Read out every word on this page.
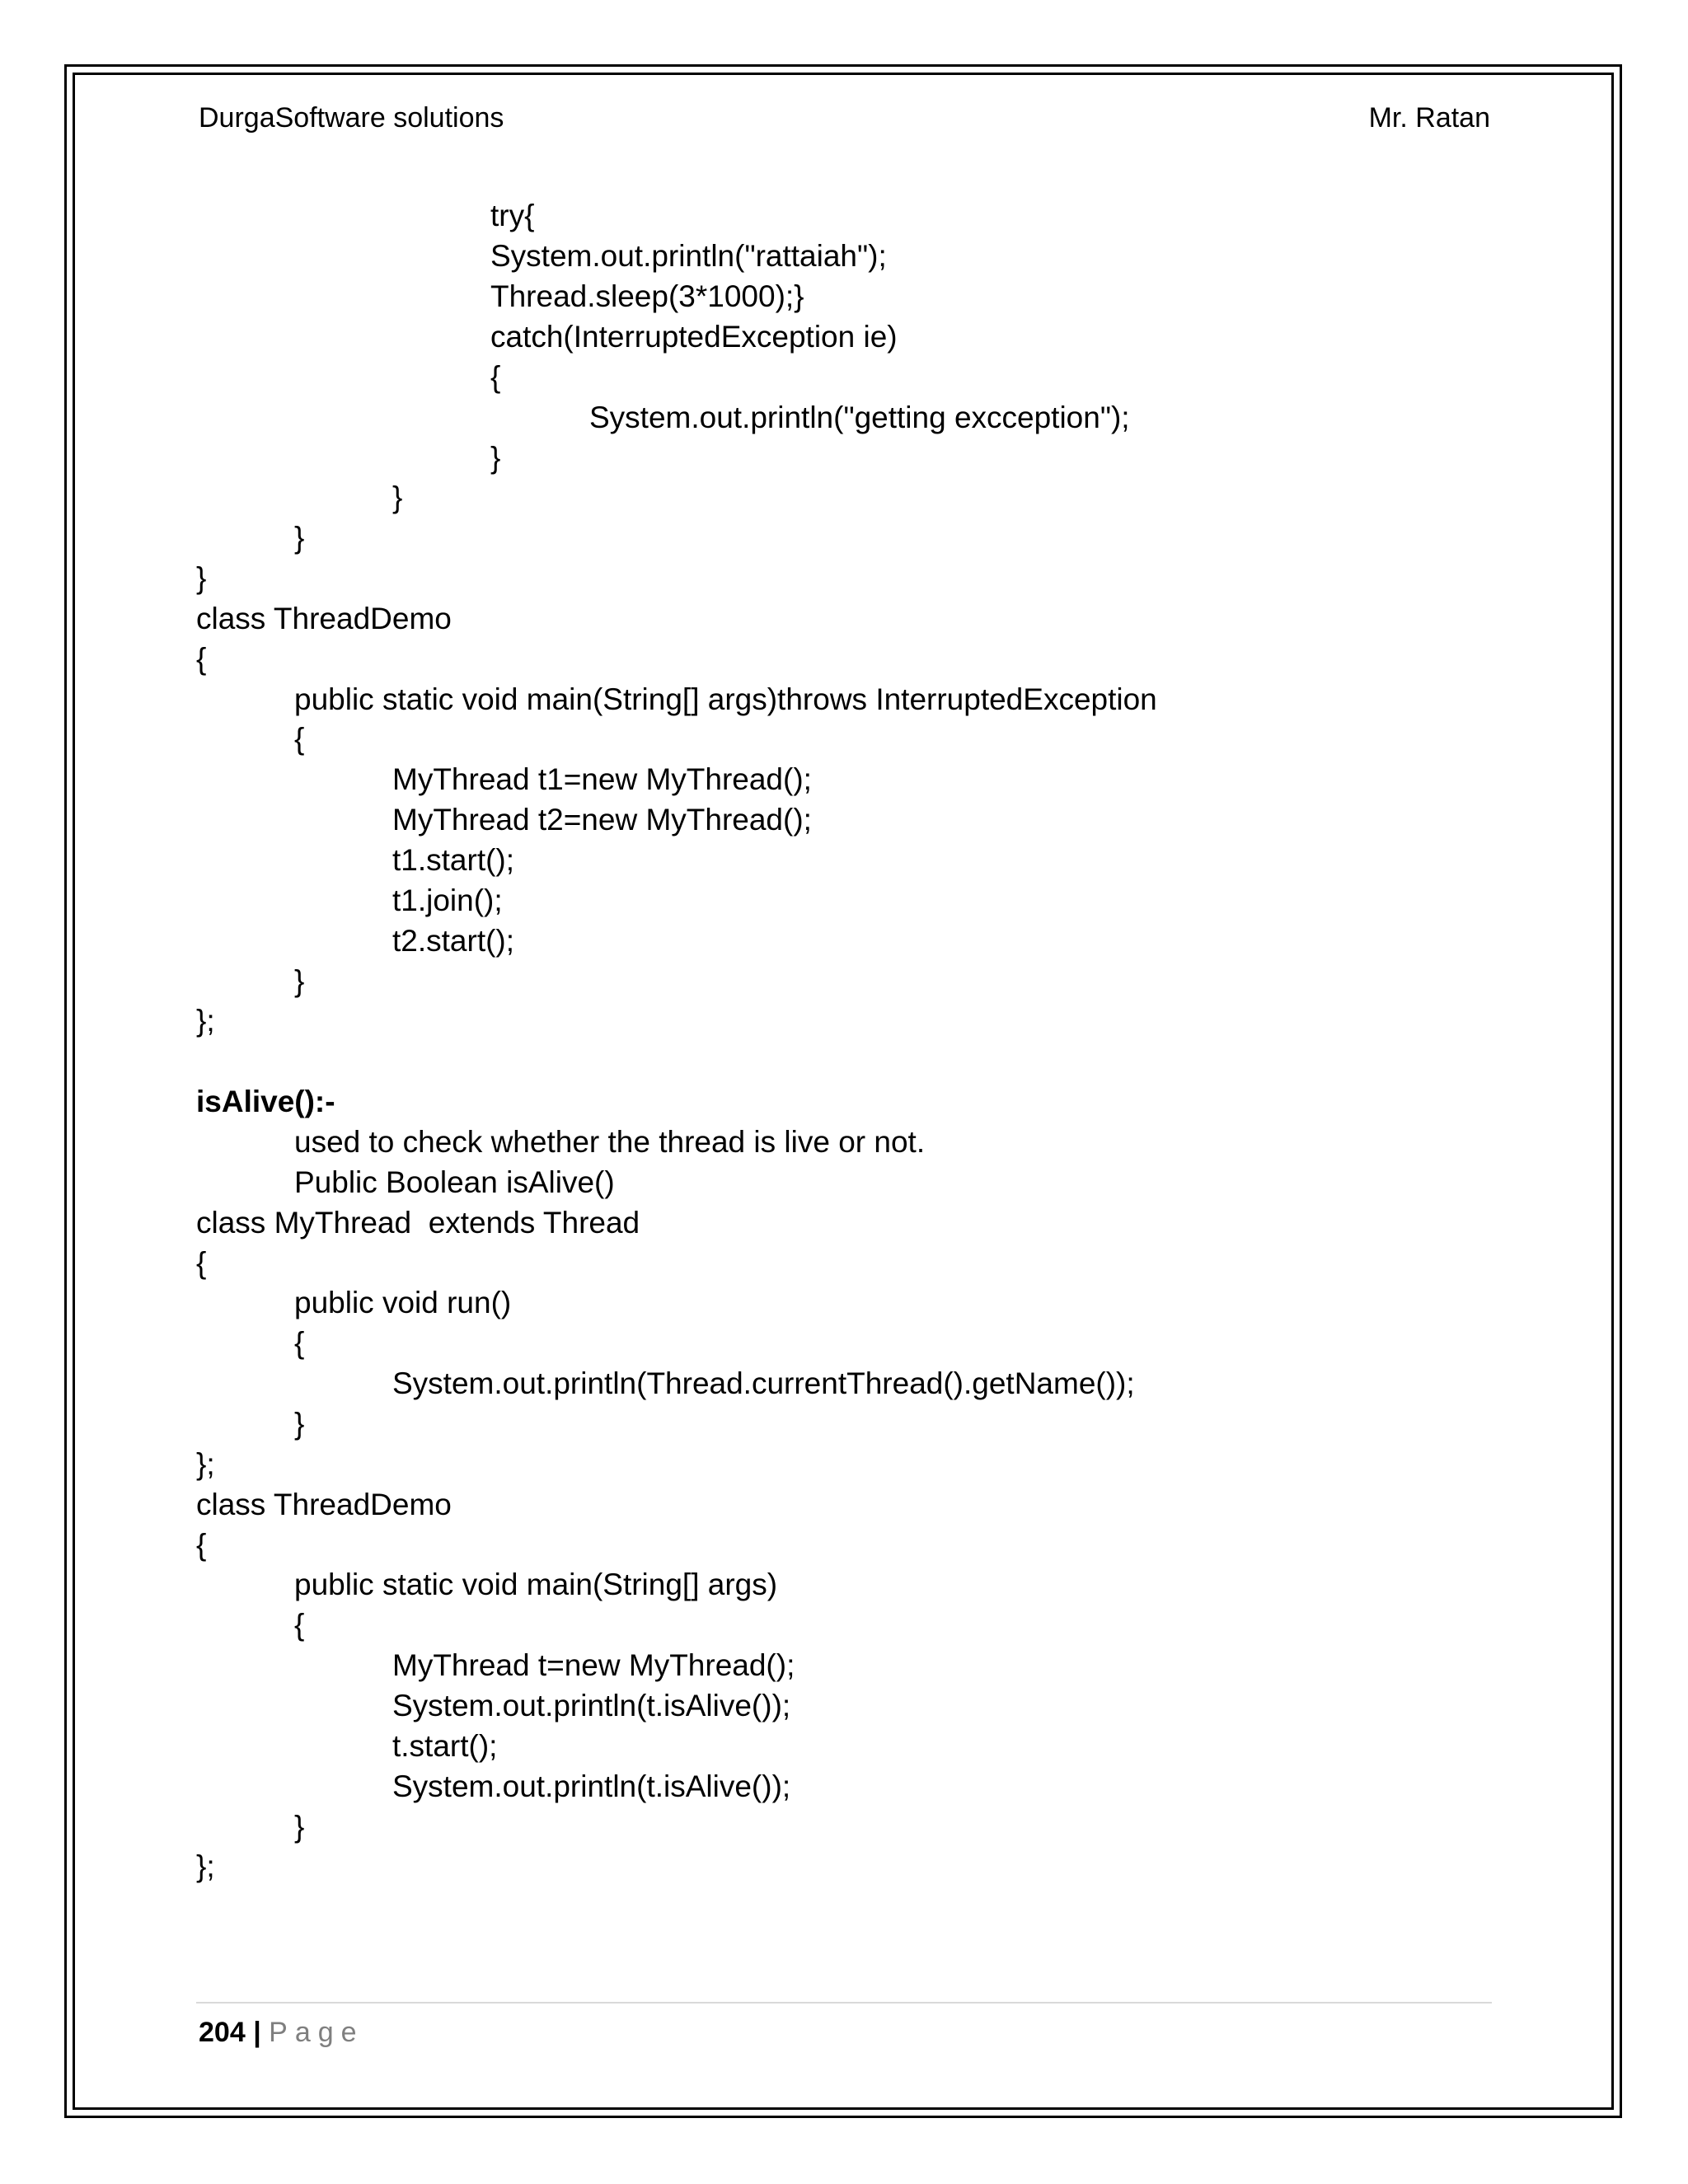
DurgaSoftware solutions	Mr. Ratan
try{
System.out.println("rattaiah");
Thread.sleep(3*1000);}
catch(InterruptedException ie)
{
System.out.println("getting excception");
}
}
}
}
class ThreadDemo
{
public static void main(String[] args)throws InterruptedException
{
MyThread t1=new MyThread();
MyThread t2=new MyThread();
t1.start();
t1.join();
t2.start();
}
};
isAlive():-
used to check whether the thread is live or not.
Public Boolean isAlive()
class MyThread  extends Thread
{
public void run()
{
System.out.println(Thread.currentThread().getName());
}
};
class ThreadDemo
{
public static void main(String[] args)
{
MyThread t=new MyThread();
System.out.println(t.isAlive());
t.start();
System.out.println(t.isAlive());
}
};
204 | Page
